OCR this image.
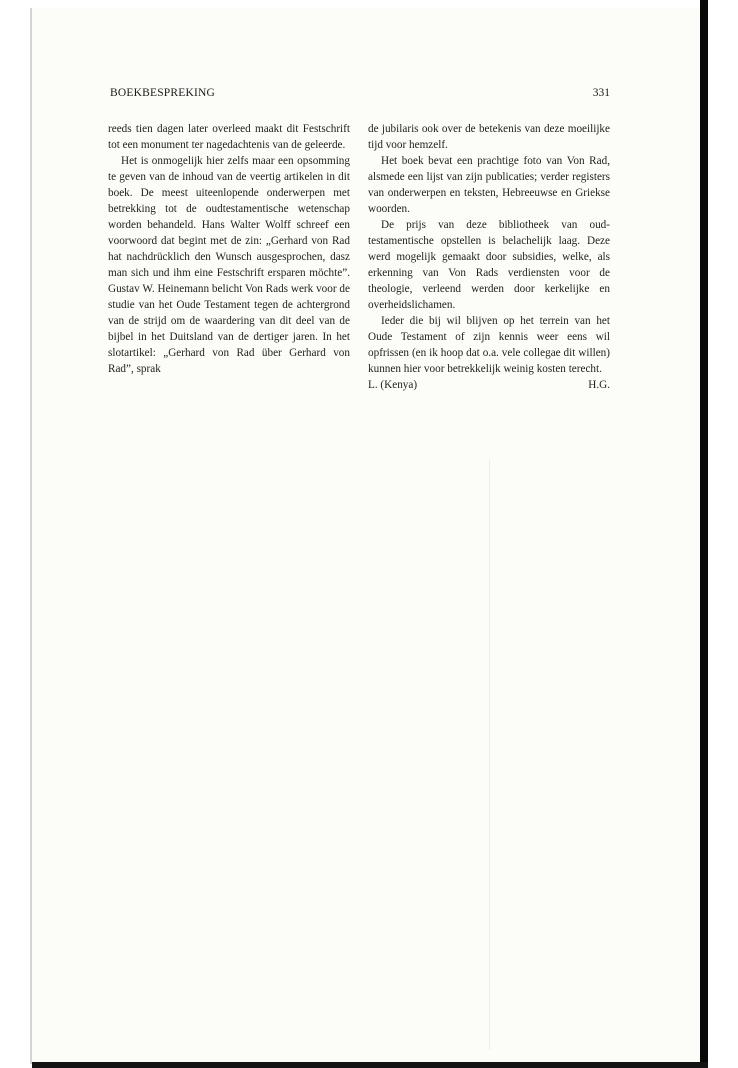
BOEKBESPREKING	331

reeds tien dagen later overleed maakt dit Festschrift tot een monument ter nagedachtenis van de geleerde.

Het is onmogelijk hier zelfs maar een opsomming te geven van de inhoud van de veertig artikelen in dit boek. De meest uiteenlopende onderwerpen met betrekking tot de oudtestamentische wetenschap worden behandeld. Hans Walter Wolff schreef een voorwoord dat begint met de zin: „Gerhard von Rad hat nachdrücklich den Wunsch ausgesprochen, dasz man sich und ihm eine Festschrift ersparen möchte”. Gustav W. Heinemann belicht Von Rads werk voor de studie van het Oude Testament tegen de achtergrond van de strijd om de waardering van dit deel van de bijbel in het Duitsland van de dertiger jaren. In het slotartikel: „Gerhard von Rad über Gerhard von Rad”, sprak

de jubilaris ook over de betekenis van deze moeilijke tijd voor hemzelf.

Het boek bevat een prachtige foto van Von Rad, alsmede een lijst van zijn publicaties; verder registers van onderwerpen en teksten, Hebreeuwse en Griekse woorden.

De prijs van deze bibliotheek van oudtestamentische opstellen is belachelijk laag. Deze werd mogelijk gemaakt door subsidies, welke, als erkenning van Von Rads verdiensten voor de theologie, verleend werden door kerkelijke en overheidslichamen.

Ieder die bij wil blijven op het terrein van het Oude Testament of zijn kennis weer eens wil opfrissen (en ik hoop dat o.a. vele collegae dit willen) kunnen hier voor betrekkelijk weinig kosten terecht.

L. (Kenya)	H.G.
